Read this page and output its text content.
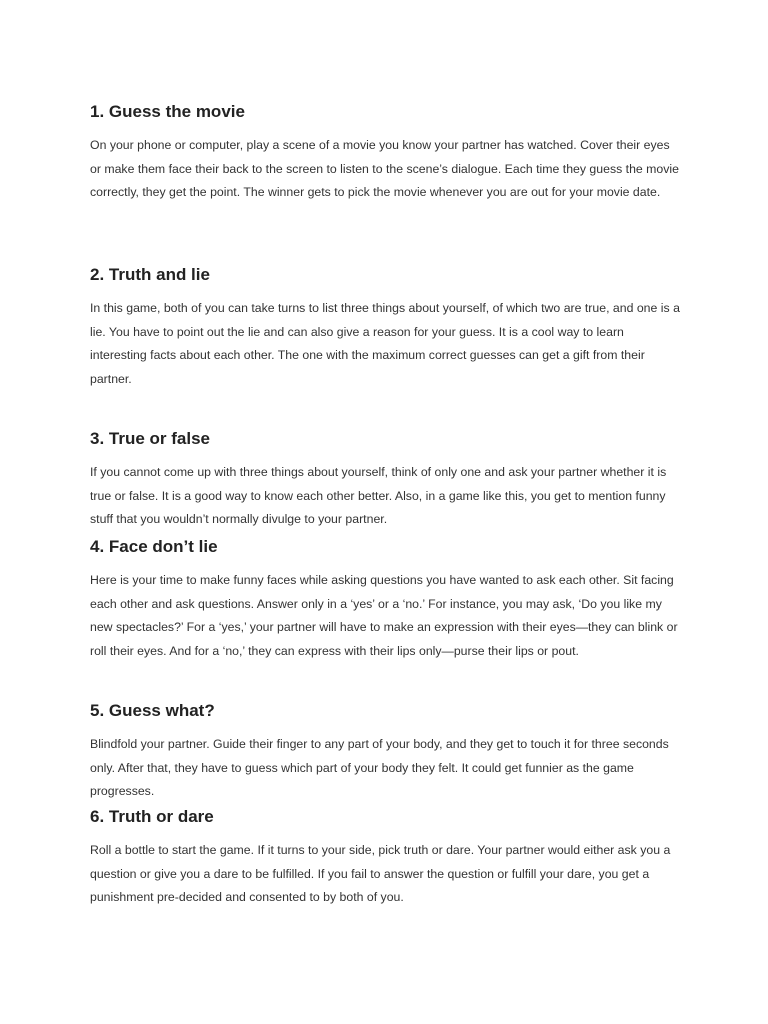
1. Guess the movie

On your phone or computer, play a scene of a movie you know your partner has watched. Cover their eyes or make them face their back to the screen to listen to the scene’s dialogue. Each time they guess the movie correctly, they get the point. The winner gets to pick the movie whenever you are out for your movie date.

2. Truth and lie

In this game, both of you can take turns to list three things about yourself, of which two are true, and one is a lie. You have to point out the lie and can also give a reason for your guess. It is a cool way to learn interesting facts about each other. The one with the maximum correct guesses can get a gift from their partner.

3. True or false

If you cannot come up with three things about yourself, think of only one and ask your partner whether it is true or false. It is a good way to know each other better. Also, in a game like this, you get to mention funny stuff that you wouldn’t normally divulge to your partner.

4. Face don’t lie

Here is your time to make funny faces while asking questions you have wanted to ask each other. Sit facing each other and ask questions. Answer only in a ‘yes’ or a ‘no.’ For instance, you may ask, ‘Do you like my new spectacles?’ For a ‘yes,’ your partner will have to make an expression with their eyes—they can blink or roll their eyes. And for a ‘no,’ they can express with their lips only—purse their lips or pout.

5. Guess what?

Blindfold your partner. Guide their finger to any part of your body, and they get to touch it for three seconds only. After that, they have to guess which part of your body they felt. It could get funnier as the game progresses.

6. Truth or dare

Roll a bottle to start the game. If it turns to your side, pick truth or dare. Your partner would either ask you a question or give you a dare to be fulfilled. If you fail to answer the question or fulfill your dare, you get a punishment pre-decided and consented to by both of you.
